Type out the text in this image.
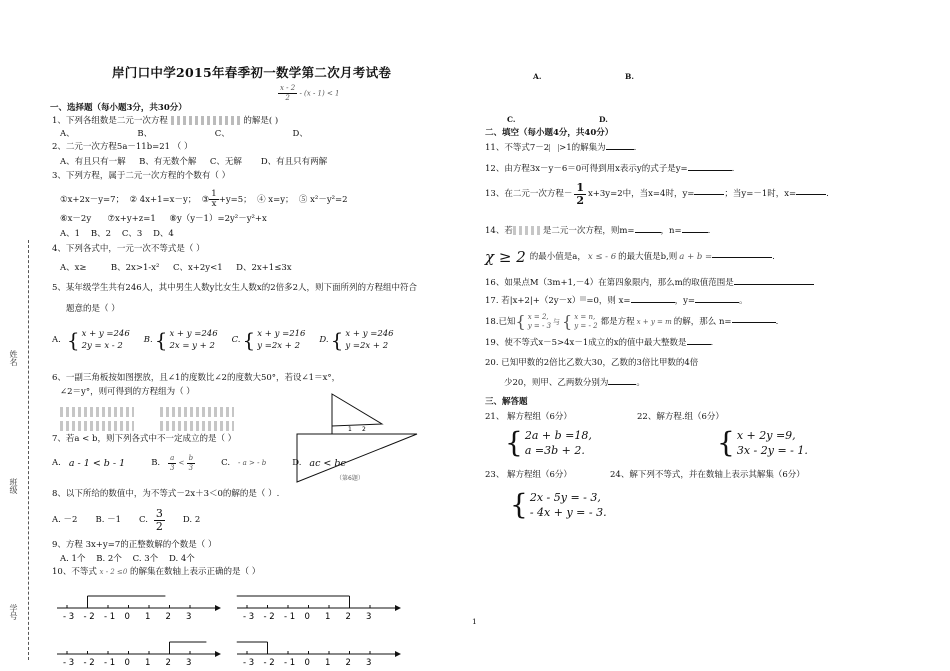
姓名
班级
学号
岸门口中学2015年春季初一数学第二次月考试卷
一、选择题（每小题3分，共30分）
1、下列各组数是二元一次方程	的解是( )
A、	B、	C、	D、
2、二元一次方程5a－11b=21 （ ）
A、有且只有一解 B、有无数个解 C、无解 D、有且只有两解
3、下列方程，属于二元一次方程的个数有（ ）
①x+2x－y=7； ② 4x+1=x－y； ③ $\frac{1}{x} +y=5$； ④ x=y； ⑤ x²－y²=2
⑥x－2y ⑦x+y+z=1 ⑧y（y－1）=2y²－y²+x
A、1 B、2 C、3 D、4
4、下列各式中，一元一次不等式是（ ）
A、x≥	B、2x>1-x² C、x+2y<1 D、2x+1≤3x
5、某年级学生共有246人，其中男生人数y比女生人数x的2倍多2人，则下面所列的方程组中符合
题意的是（ ）
A. { x + y =246
2y = x - 2
B. { x + y =246
2x = y + 2
C. { x + y =216
y =2x + 2
D. { x + y =246
y =2x + 2
6、一副三角板按如图摆放，且∠1的度数比∠2的度数大50°，若设∠1＝x°，
∠2＝y°，则可得到的方程组为（ ）

1 2
（第6题）
7、若a < b，则下列各式中不一定成立的是（ ）
A. a - 1 < b - 1	B. $\frac{a}{3} < \frac{b}{3}$	C. - a > - b	D. ac < bc
8、以下所给的数值中，为不等式－2x＋3＜0的解的是（ ）.
A. －2 B. －1 C. $\frac{3}{2} D$. 2
9、方程 3x+y=7的正整数解的个数是（ ）
A. 1个 B. 2个 C. 3个 D. 4个
10、不等式 x - 2 ≤0 的解集在数轴上表示正确的是（ ）
- 3 - 2 - 1 0 1 2 3	- 3 - 2 - 1 0 1 2 3
- 3 - 2 - 1 0 1 2 3	- 3 - 2 - 1 0 1 2 3
1
$\frac{x - 2}{2} - (x - 1) < 1$
A.	B.
C.	D.
二、填空（每小题4分，共40分）
11、不等式7－2 >1的解集为	.
12、由方程3x－y－6＝0可得到用x表示y的式子是y=	.
13、在二元一次方程－ $\frac{1}{2} x+3y=2$中，当x=4时，y=	；当y=－1时，x=	.
14、若	是二元一次方程，则m=	，n=	.
χ ≥ 2 的最小值是a， x ≤ - 6 的最大值是b,则 a + b =	.
16、如果点M（3m+1,－4）在第四象限内，那么m的取值范围是
17. 若|x+2|+（2y－x） =0，则 x=	，y=	。
18.已知 { x = 2,
y = - 3
与 { x = n,
y = - 2 都是方程 x + y = m 的解，那么 n=	.
19、使不等式x－5>4x－1成立的x的值中最大整数是	.
20. 已知甲数的2倍比乙数大30，乙数的3倍比甲数的4倍
少20，则甲、乙两数分别为	。
三、解答题
21、 解方程组（6分）	22、解方程.组（6分）
{ 2a + b =18,
a =3b + 2.	{ x + 2y =9,
3x - 2y = - 1.
23、 解方程组（6分）	24、解下列不等式，并在数轴上表示其解集（6分）
{ 2x - 5y = - 3,
- 4x + y = - 3.
